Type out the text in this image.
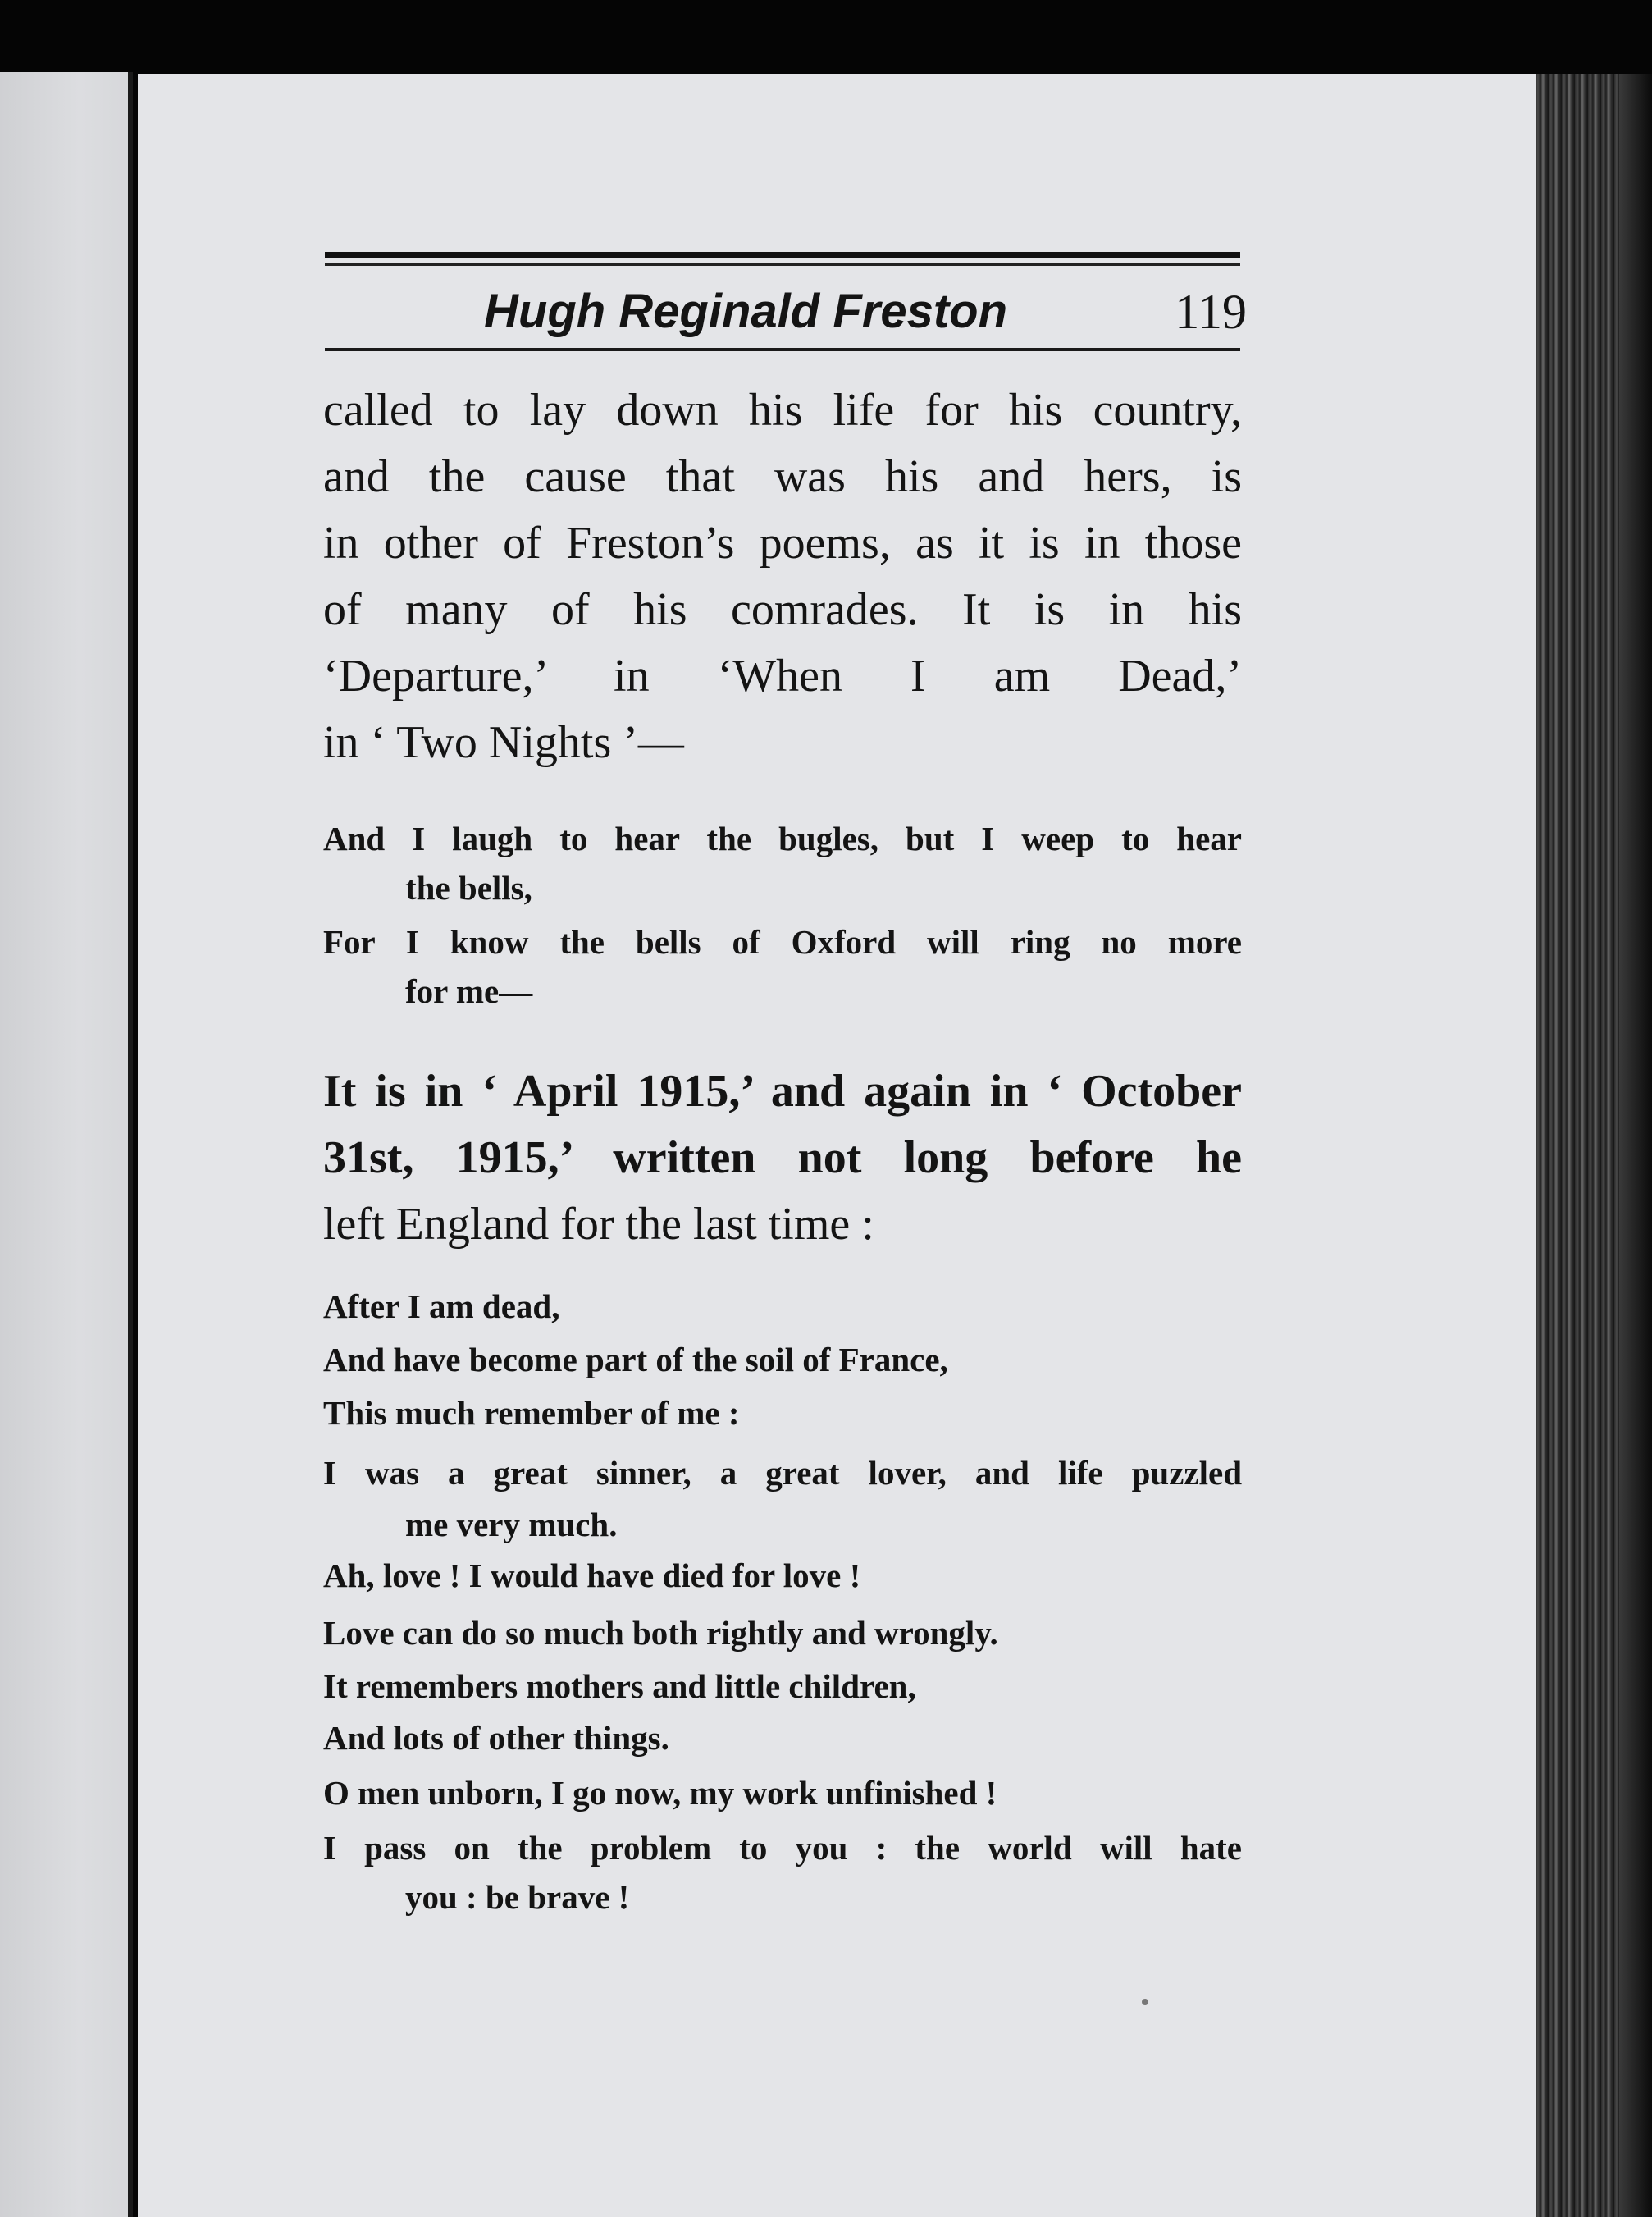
Hugh Reginald Freston	119
called to lay down his life for his country,
and the cause that was his and hers, is
in other of Freston’s poems, as it is in those
of many of his comrades. It is in his
‘Departure,’ in ‘When I am Dead,’
in ‘ Two Nights ’—
And I laugh to hear the bugles, but I weep to hear
the bells,
For I know the bells of Oxford will ring no more
for me—
It is in ‘ April 1915,’ and again in ‘ October
31st, 1915,’ written not long before he
left England for the last time :
After I am dead,
And have become part of the soil of France,
This much remember of me :
I was a great sinner, a great lover, and life puzzled
me very much.
Ah, love ! I would have died for love !
Love can do so much both rightly and wrongly.
It remembers mothers and little children,
And lots of other things.
O men unborn, I go now, my work unfinished !
I pass on the problem to you : the world will hate
you : be brave !
